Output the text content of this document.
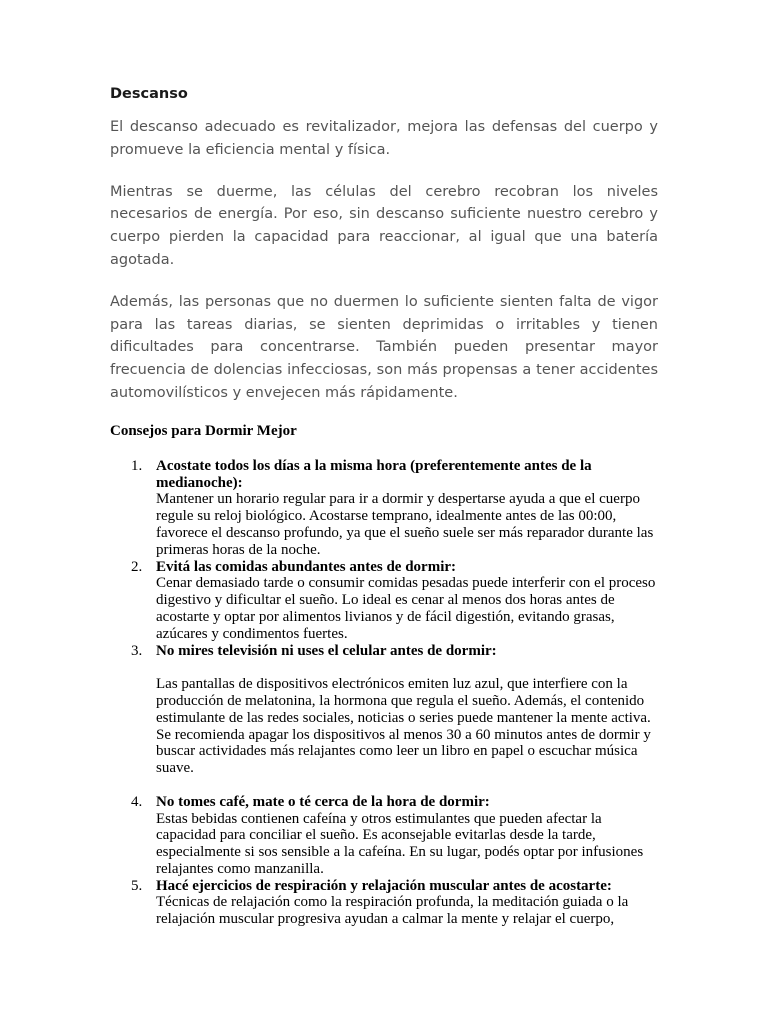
Descanso

El descanso adecuado es revitalizador, mejora las defensas del cuerpo y promueve la eficiencia mental y física.

Mientras se duerme, las células del cerebro recobran los niveles necesarios de energía. Por eso, sin descanso suficiente nuestro cerebro y cuerpo pierden la capacidad para reaccionar, al igual que una batería agotada.

Además, las personas que no duermen lo suficiente sienten falta de vigor para las tareas diarias, se sienten deprimidas o irritables y tienen dificultades para concentrarse. También pueden presentar mayor frecuencia de dolencias infecciosas, son más propensas a tener accidentes automovilísticos y envejecen más rápidamente.

Consejos para Dormir Mejor
1. Acostate todos los días a la misma hora (preferentemente antes de la medianoche):
Mantener un horario regular para ir a dormir y despertarse ayuda a que el cuerpo regule su reloj biológico. Acostarse temprano, idealmente antes de las 00:00, favorece el descanso profundo, ya que el sueño suele ser más reparador durante las primeras horas de la noche.
2. Evitá las comidas abundantes antes de dormir:
Cenar demasiado tarde o consumir comidas pesadas puede interferir con el proceso digestivo y dificultar el sueño. Lo ideal es cenar al menos dos horas antes de acostarte y optar por alimentos livianos y de fácil digestión, evitando grasas, azúcares y condimentos fuertes.
3. No mires televisión ni uses el celular antes de dormir:
Las pantallas de dispositivos electrónicos emiten luz azul, que interfiere con la producción de melatonina, la hormona que regula el sueño. Además, el contenido estimulante de las redes sociales, noticias o series puede mantener la mente activa. Se recomienda apagar los dispositivos al menos 30 a 60 minutos antes de dormir y buscar actividades más relajantes como leer un libro en papel o escuchar música suave.
4. No tomes café, mate o té cerca de la hora de dormir:
Estas bebidas contienen cafeína y otros estimulantes que pueden afectar la capacidad para conciliar el sueño. Es aconsejable evitarlas desde la tarde, especialmente si sos sensible a la cafeína. En su lugar, podés optar por infusiones relajantes como manzanilla.
5. Hacé ejercicios de respiración y relajación muscular antes de acostarte:
Técnicas de relajación como la respiración profunda, la meditación guiada o la relajación muscular progresiva ayudan a calmar la mente y relajar el cuerpo,
